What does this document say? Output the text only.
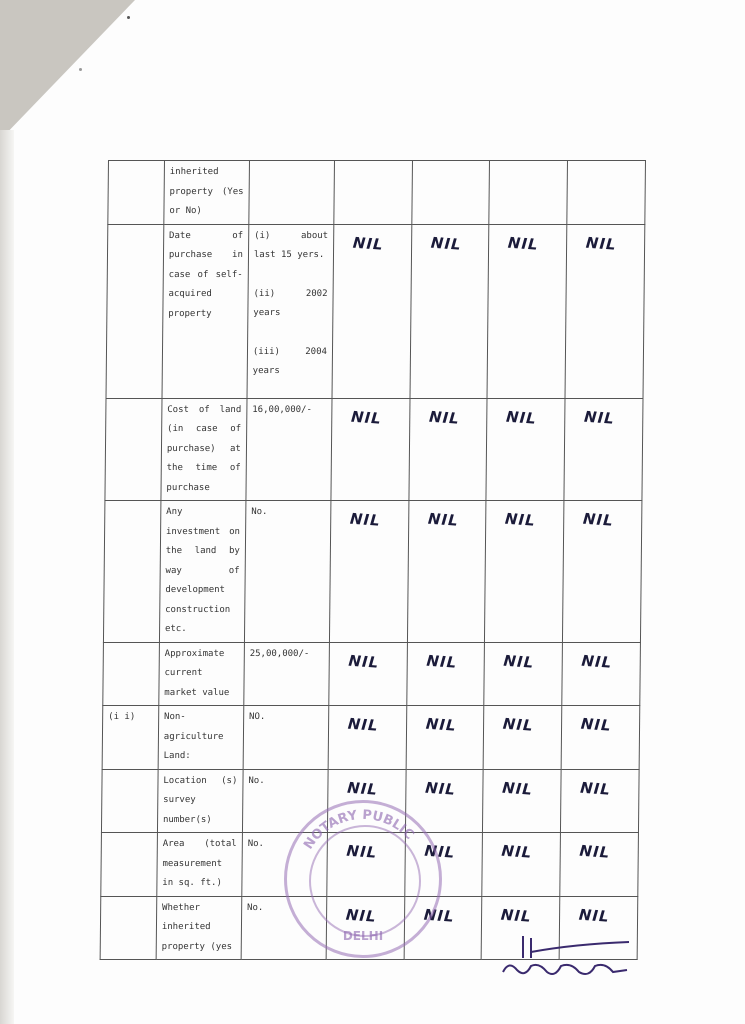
	inherited property (Yes or No)					

	Date of purchase in case of self-acquired property	(i) about last 15 yers.
(ii) 2002 years
(iii) 2004 years	NIL	NIL	NIL	NIL

	Cost of land (in case of purchase) at the time of purchase	16,00,000/-	NIL	NIL	NIL	NIL

	Any investment on the land by way of development construction etc.	No.	NIL	NIL	NIL	NIL

	Approximate current market value	25,00,000/-	NIL	NIL	NIL	NIL

(i i)	Non-agriculture Land:	NO.	NIL	NIL	NIL	NIL

	Location (s) survey number(s)	No.	NIL	NIL	NIL	NIL

	Area (total measurement in sq. ft.)	No.	NIL	NIL	NIL	NIL

	Whether inherited property (yes	No.	NIL	NIL	NIL	NIL
NOTARY PUBLIC
DELHI
